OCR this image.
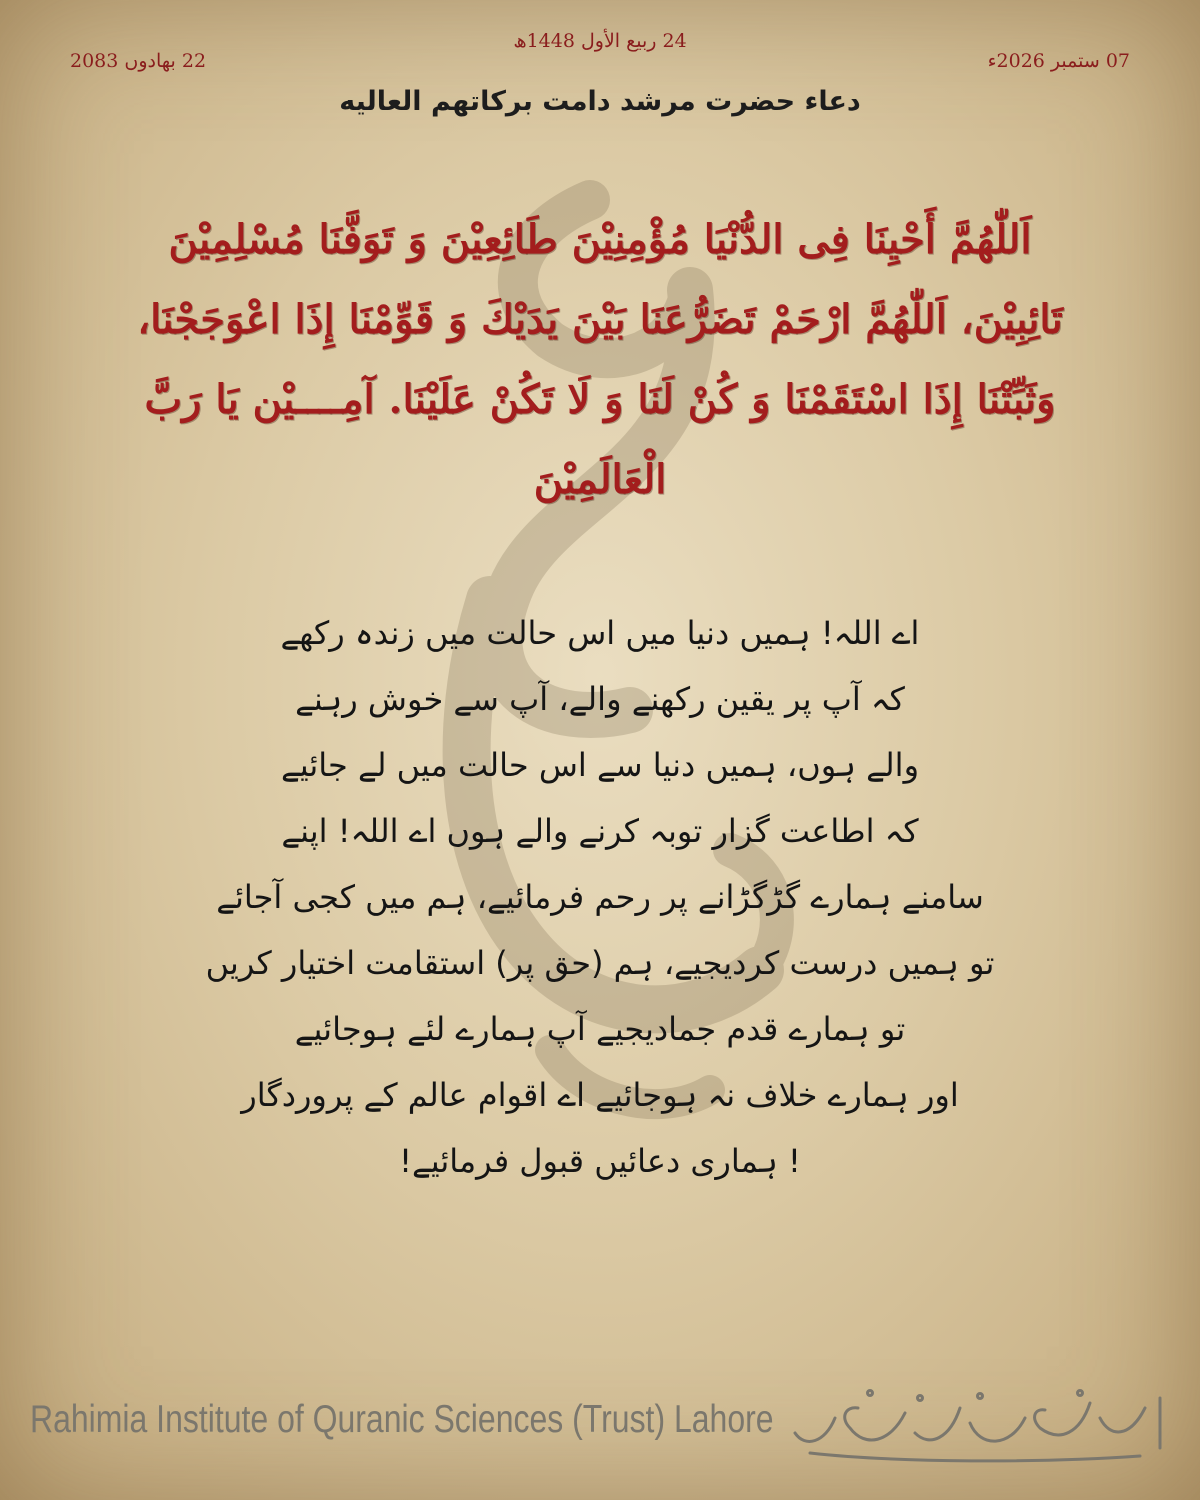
24 ربیع الأول 1448ھ
07 ستمبر 2026ء
22 بھادوں 2083
دعاء حضرت مرشد دامت برکاتهم العاليه
اَللّٰھُمَّ أَحْیِنَا فِی الدُّنْیَا مُؤْمِنِیْنَ طَائِعِیْنَ وَ تَوَفَّنَا مُسْلِمِیْنَ تَائِبِیْنَ، اَللّٰھُمَّ ارْحَمْ تَضَرُّعَنَا بَیْنَ یَدَیْكَ وَ قَوِّمْنَا إِذَا اعْوَجَجْنَا، وَثَبِّتْنَا إِذَا اسْتَقَمْنَا وَ كُنْ لَنَا وَ لَا تَكُنْ عَلَیْنَا. آمِــــیْن یَا رَبَّ الْعَالَمِیْنَ
اے اللہ! ہمیں دنیا میں اس حالت میں زندہ رکھے
کہ آپ پر یقین رکھنے والے، آپ سے خوش رہنے
والے ہوں، ہمیں دنیا سے اس حالت میں لے جائیے
کہ اطاعت گزار توبہ کرنے والے ہوں اے اللہ! اپنے
سامنے ہمارے گڑگڑانے پر رحم فرمائیے، ہم میں کجی آجائے
تو ہمیں درست کردیجیے، ہم (حق پر) استقامت اختیار کریں
تو ہمارے قدم جمادیجیے آپ ہمارے لئے ہوجائیے
اور ہمارے خلاف نہ ہوجائیے اے اقوام عالم کے پروردگار
! ہماری دعائیں قبول فرمائیے!
Rahimia Institute of Quranic Sciences (Trust) Lahore
